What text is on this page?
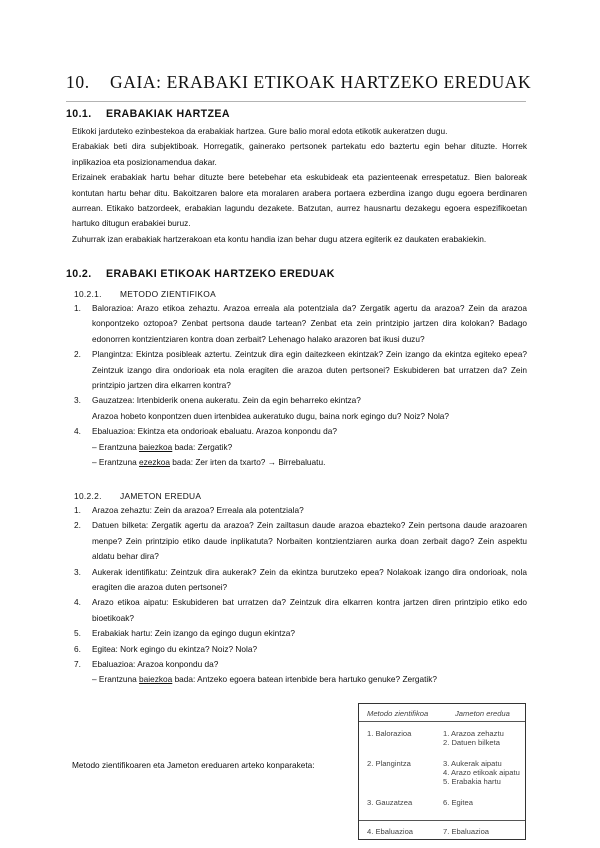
10. GAIA: ERABAKI ETIKOAK HARTZEKO EREDUAK
10.1. ERABAKIAK HARTZEA

Etikoki jarduteko ezinbestekoa da erabakiak hartzea. Gure balio moral edota etikotik aukeratzen dugu.

Erabakiak beti dira subjektiboak. Horregatik, gainerako pertsonek partekatu edo baztertu egin behar dituzte. Horrek inplikazioa eta posizionamendua dakar.

Erizainek erabakiak hartu behar dituzte bere betebehar eta eskubideak eta pazienteenak errespetatuz. Bien baloreak kontutan hartu behar ditu. Bakoitzaren balore eta moralaren arabera portaera ezberdina izango dugu egoera berdinaren aurrean. Etikako batzordeek, erabakian lagundu dezakete. Batzutan, aurrez hausnartu dezakegu egoera espezifikoetan hartuko ditugun erabakiei buruz.

Zuhurrak izan erabakiak hartzerakoan eta kontu handia izan behar dugu atzera egiterik ez daukaten erabakiekin.

10.2. ERABAKI ETIKOAK HARTZEKO EREDUAK
10.2.1. METODO ZIENTIFIKOA
1. Balorazioa: Arazo etikoa zehaztu. Arazoa erreala ala potentziala da? Zergatik agertu da arazoa? Zein da arazoa konpontzeko oztopoa? Zenbat pertsona daude tartean? Zenbat eta zein printzipio jartzen dira kolokan? Badago edonorren kontzientziaren kontra doan zerbait? Lehenago halako arazoren bat ikusi duzu?
2. Plangintza: Ekintza posibleak aztertu. Zeintzuk dira egin daitezkeen ekintzak? Zein izango da ekintza egiteko epea? Zeintzuk izango dira ondorioak eta nola eragiten die arazoa duten pertsonei? Eskubideren bat urratzen da? Zein printzipio jartzen dira elkarren kontra?
3. Gauzatzea: Irtenbiderik onena aukeratu. Zein da egin beharreko ekintza?
Arazoa hobeto konpontzen duen irtenbidea aukeratuko dugu, baina nork egingo du? Noiz? Nola?
4. Ebaluazioa: Ekintza eta ondorioak ebaluatu. Arazoa konpondu da?
– Erantzuna baiezkoa bada: Zergatik?
– Erantzuna ezezkoa bada: Zer irten da txarto? → Birrebaluatu.
10.2.2. JAMETON EREDUA
1. Arazoa zehaztu: Zein da arazoa? Erreala ala potentziala?
2. Datuen bilketa: Zergatik agertu da arazoa? Zein zailtasun daude arazoa ebazteko? Zein pertsona daude arazoaren menpe? Zein printzipio etiko daude inplikatuta? Norbaiten kontzientziaren aurka doan zerbait dago? Zein aspektu aldatu behar dira?
3. Aukerak identifikatu: Zeintzuk dira aukerak? Zein da ekintza burutzeko epea? Nolakoak izango dira ondorioak, nola eragiten die arazoa duten pertsonei?
4. Arazo etikoa aipatu: Eskubideren bat urratzen da? Zeintzuk dira elkarren kontra jartzen diren printzipio etiko edo bioetikoak?
5. Erabakiak hartu: Zein izango da egingo dugun ekintza?
6. Egitea: Nork egingo du ekintza? Noiz? Nola?
7. Ebaluazioa: Arazoa konpondu da?
– Erantzuna baiezkoa bada: Antzeko egoera batean irtenbide bera hartuko genuke? Zergatik?
Metodo zientifikoaren eta Jameton ereduaren arteko konparaketa:
Metodo zientifikoa	Jameton eredua
1. Balorazioa	1. Arazoa zehaztu
2. Datuen bilketa
2. Plangintza	3. Aukerak aipatu
4. Arazo etikoak aipatu
5. Erabakia hartu
3. Gauzatzea	6. Egitea
4. Ebaluazioa	7. Ebaluazioa
